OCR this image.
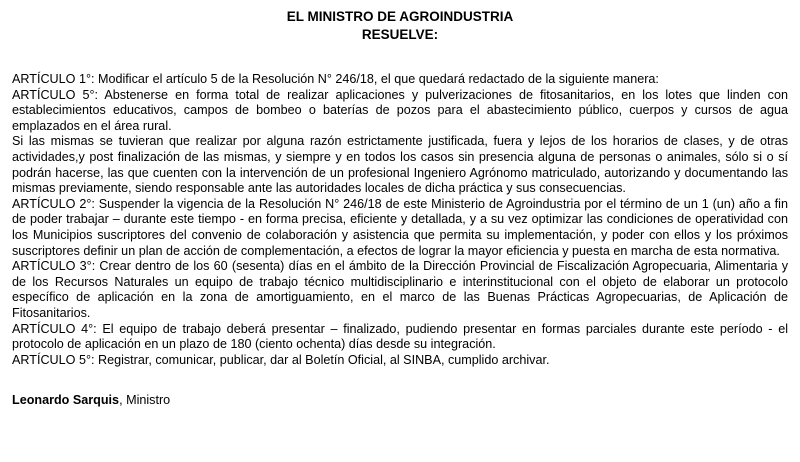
EL MINISTRO DE AGROINDUSTRIA

RESUELVE:

ARTÍCULO 1°: Modificar el artículo 5 de la Resolución N° 246/18, el que quedará redactado de la siguiente manera:

ARTÍCULO 5°: Abstenerse en forma total de realizar aplicaciones y pulverizaciones de fitosanitarios, en los lotes que linden con establecimientos educativos, campos de bombeo o baterías de pozos para el abastecimiento público, cuerpos y cursos de agua emplazados en el área rural.

Si las mismas se tuvieran que realizar por alguna razón estrictamente justificada, fuera y lejos de los horarios de clases, y de otras actividades,y post finalización de las mismas, y siempre y en todos los casos sin presencia alguna de personas o animales, sólo si o sí podrán hacerse, las que cuenten con la intervención de un profesional Ingeniero Agrónomo matriculado, autorizando y documentando las mismas previamente, siendo responsable ante las autoridades locales de dicha práctica y sus consecuencias.

ARTÍCULO 2°: Suspender la vigencia de la Resolución N° 246/18 de este Ministerio de Agroindustria por el término de un 1 (un) año a fin de poder trabajar – durante este tiempo - en forma precisa, eficiente y detallada, y a su vez optimizar las condiciones de operatividad con los Municipios suscriptores del convenio de colaboración y asistencia que permita su implementación, y poder con ellos y los próximos suscriptores definir un plan de acción de complementación, a efectos de lograr la mayor eficiencia y puesta en marcha de esta normativa.

ARTÍCULO 3°: Crear dentro de los 60 (sesenta) días en el ámbito de la Dirección Provincial de Fiscalización Agropecuaria, Alimentaria y de los Recursos Naturales un equipo de trabajo técnico multidisciplinario e interinstitucional con el objeto de elaborar un protocolo específico de aplicación en la zona de amortiguamiento, en el marco de las Buenas Prácticas Agropecuarias, de Aplicación de Fitosanitarios.

ARTÍCULO 4°: El equipo de trabajo deberá presentar – finalizado, pudiendo presentar en formas parciales durante este período - el protocolo de aplicación en un plazo de 180 (ciento ochenta) días desde su integración.

ARTÍCULO 5°: Registrar, comunicar, publicar, dar al Boletín Oficial, al SINBA, cumplido archivar.

Leonardo Sarquis, Ministro
